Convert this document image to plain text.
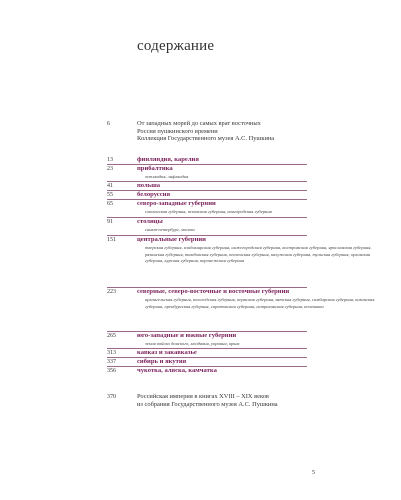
содержание
6	От западных морей до самых врат восточных
Россия пушкинского времени
Коллекция Государственного музея А.С. Пушкина
13	финляндия, карелия
23	прибалтика
эстляндия, лифляндия
41	польша
55	белоруссия
65	северо-западные губернии
смоленская губерния, псковская губерния, новгородская губерния
91	столицы
санкт-петербург, москва
151	центральные губернии
тверская губерния, владимирская губерния, нижегородская губерния, костромская губерния, ярославская губерния, рязанская губерния, тамбовская губерния, пензенская губерния, калужская губерния, тульская губерния, орловская губерния, курская губерния, воронежская губерния
223	северные, северо-восточные и восточные губернии
архангельская губерния, вологодская губерния, пермская губерния, вятская губерния, симбирская губерния, казанская губерния, оренбургская губерния, саратовская губерния, астраханская губерния, кочевники
265	юго-западные и южные губернии
земля войска донского, молдавия, украина, крым
313	кавказ и закавказье
337	сибирь и якутия
356	чукотка, аляска, камчатка
370	Российская империя в книгах XVIII – XIX веков
из собрания Государственного музея А.С. Пушкина
5
